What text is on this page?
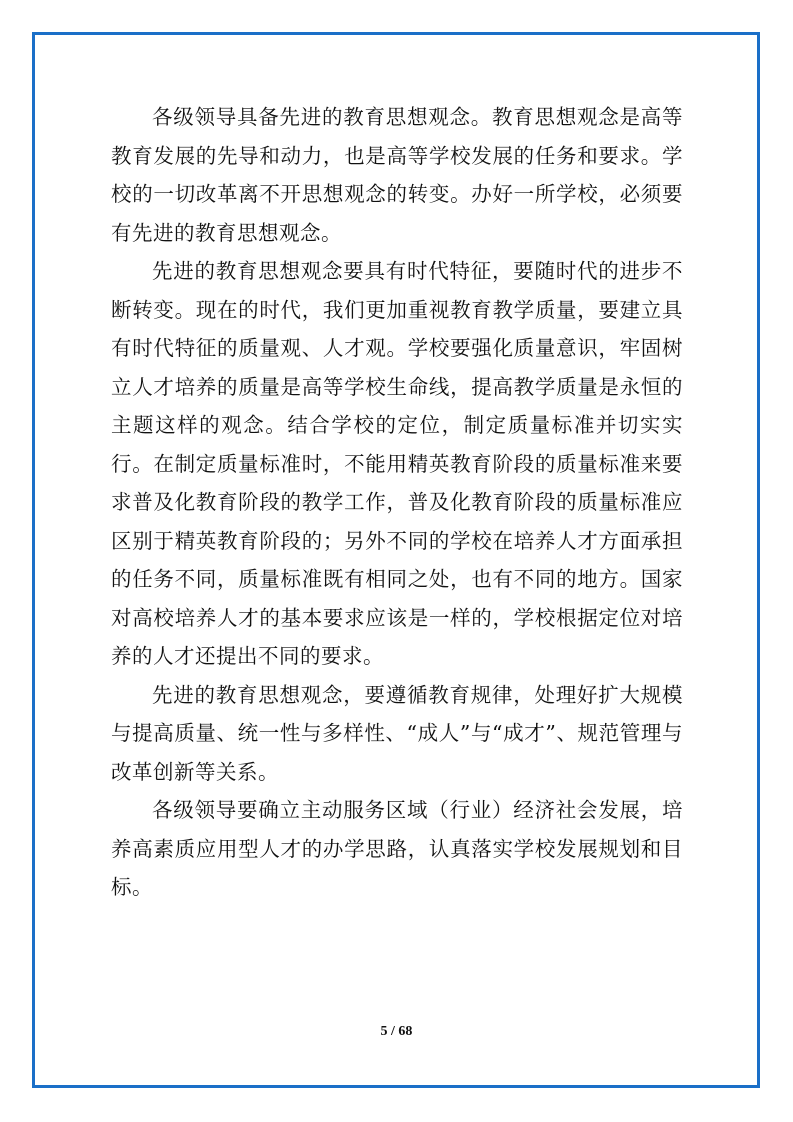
各级领导具备先进的教育思想观念。教育思想观念是高等教育发展的先导和动力，也是高等学校发展的任务和要求。学校的一切改革离不开思想观念的转变。办好一所学校，必须要有先进的教育思想观念。

先进的教育思想观念要具有时代特征，要随时代的进步不断转变。现在的时代，我们更加重视教育教学质量，要建立具有时代特征的质量观、人才观。学校要强化质量意识，牢固树立人才培养的质量是高等学校生命线，提高教学质量是永恒的主题这样的观念。结合学校的定位，制定质量标准并切实实行。在制定质量标准时，不能用精英教育阶段的质量标准来要求普及化教育阶段的教学工作，普及化教育阶段的质量标准应区别于精英教育阶段的；另外不同的学校在培养人才方面承担的任务不同，质量标准既有相同之处，也有不同的地方。国家对高校培养人才的基本要求应该是一样的，学校根据定位对培养的人才还提出不同的要求。

先进的教育思想观念，要遵循教育规律，处理好扩大规模与提高质量、统一性与多样性、“成人”与“成才”、规范管理与改革创新等关系。

各级领导要确立主动服务区域（行业）经济社会发展，培养高素质应用型人才的办学思路，认真落实学校发展规划和目标。

5 / 68
